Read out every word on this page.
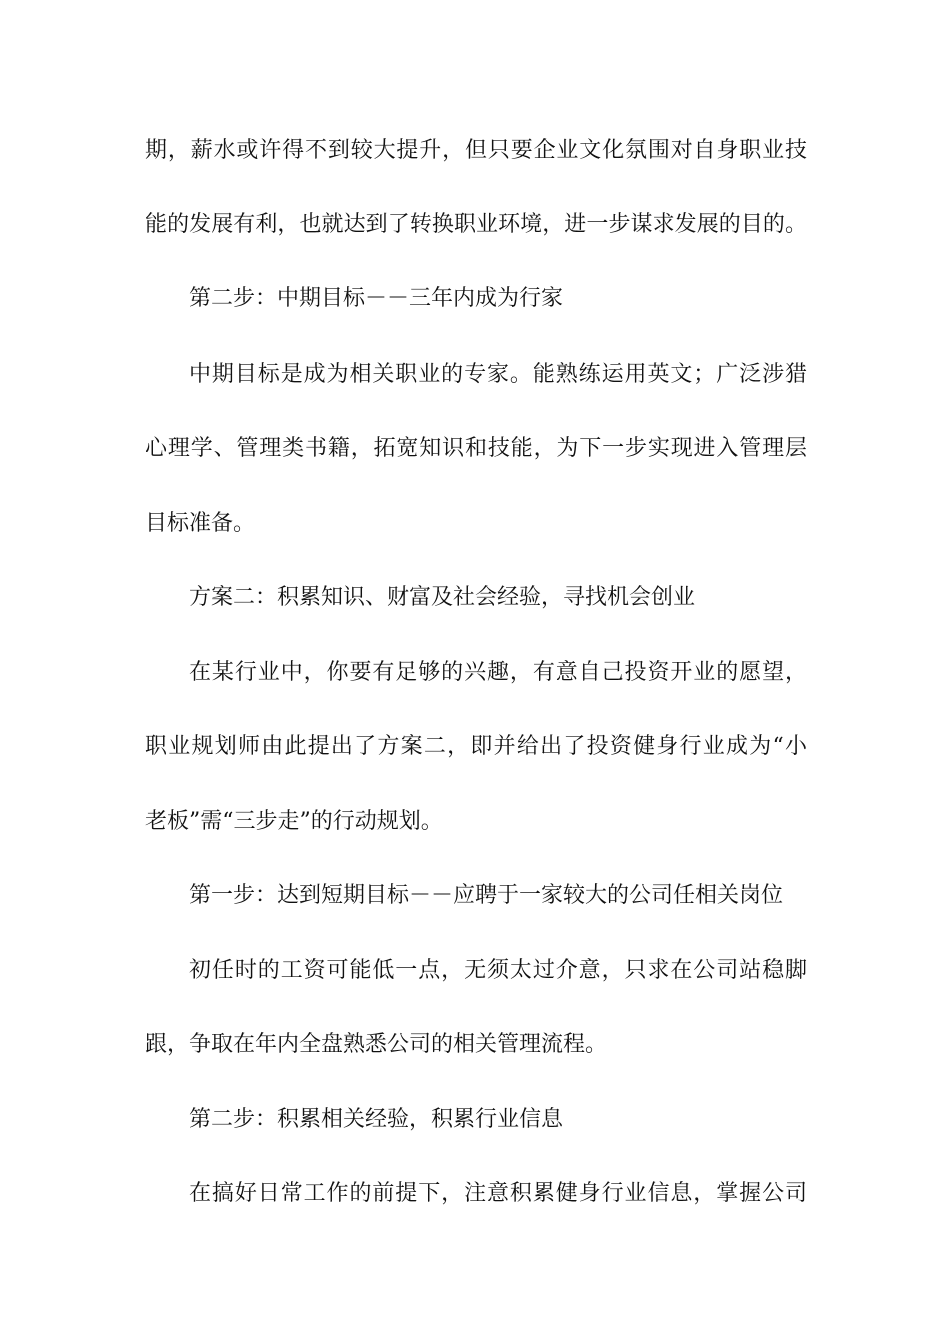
期，薪水或许得不到较大提升，但只要企业文化氛围对自身职业技
能的发展有利，也就达到了转换职业环境，进一步谋求发展的目的。
第二步：中期目标－－三年内成为行家
中期目标是成为相关职业的专家。能熟练运用英文；广泛涉猎
心理学、管理类书籍，拓宽知识和技能，为下一步实现进入管理层
目标准备。
方案二：积累知识、财富及社会经验，寻找机会创业
在某行业中，你要有足够的兴趣，有意自己投资开业的愿望，
职业规划师由此提出了方案二，即并给出了投资健身行业成为“小
老板”需“三步走”的行动规划。
第一步：达到短期目标－－应聘于一家较大的公司任相关岗位
初任时的工资可能低一点，无须太过介意，只求在公司站稳脚
跟，争取在年内全盘熟悉公司的相关管理流程。
第二步：积累相关经验，积累行业信息
在搞好日常工作的前提下，注意积累健身行业信息，掌握公司
